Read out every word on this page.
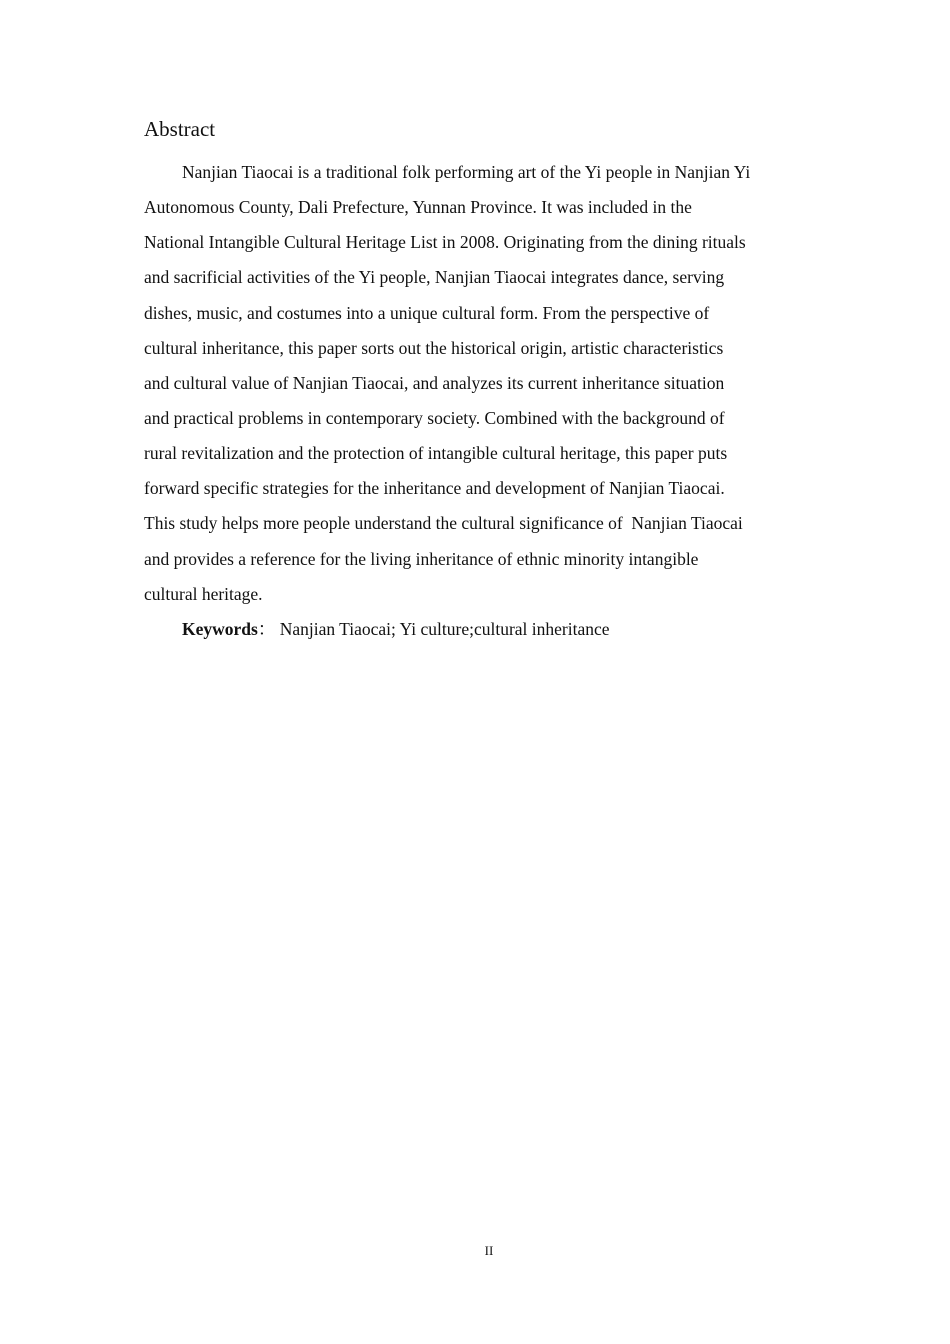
Abstract
Nanjian Tiaocai is a traditional folk performing art of the Yi people in Nanjian Yi
Autonomous County, Dali Prefecture, Yunnan Province. It was included in the
National Intangible Cultural Heritage List in 2008. Originating from the dining rituals
and sacrificial activities of the Yi people, Nanjian Tiaocai integrates dance, serving
dishes, music, and costumes into a unique cultural form. From the perspective of
cultural inheritance, this paper sorts out the historical origin, artistic characteristics
and cultural value of Nanjian Tiaocai, and analyzes its current inheritance situation
and practical problems in contemporary society. Combined with the background of
rural revitalization and the protection of intangible cultural heritage, this paper puts
forward specific strategies for the inheritance and development of Nanjian Tiaocai.
This study helps more people understand the cultural significance of  Nanjian Tiaocai
and provides a reference for the living inheritance of ethnic minority intangible
cultural heritage.
Keywords： Nanjian Tiaocai; Yi culture;cultural inheritance
II
